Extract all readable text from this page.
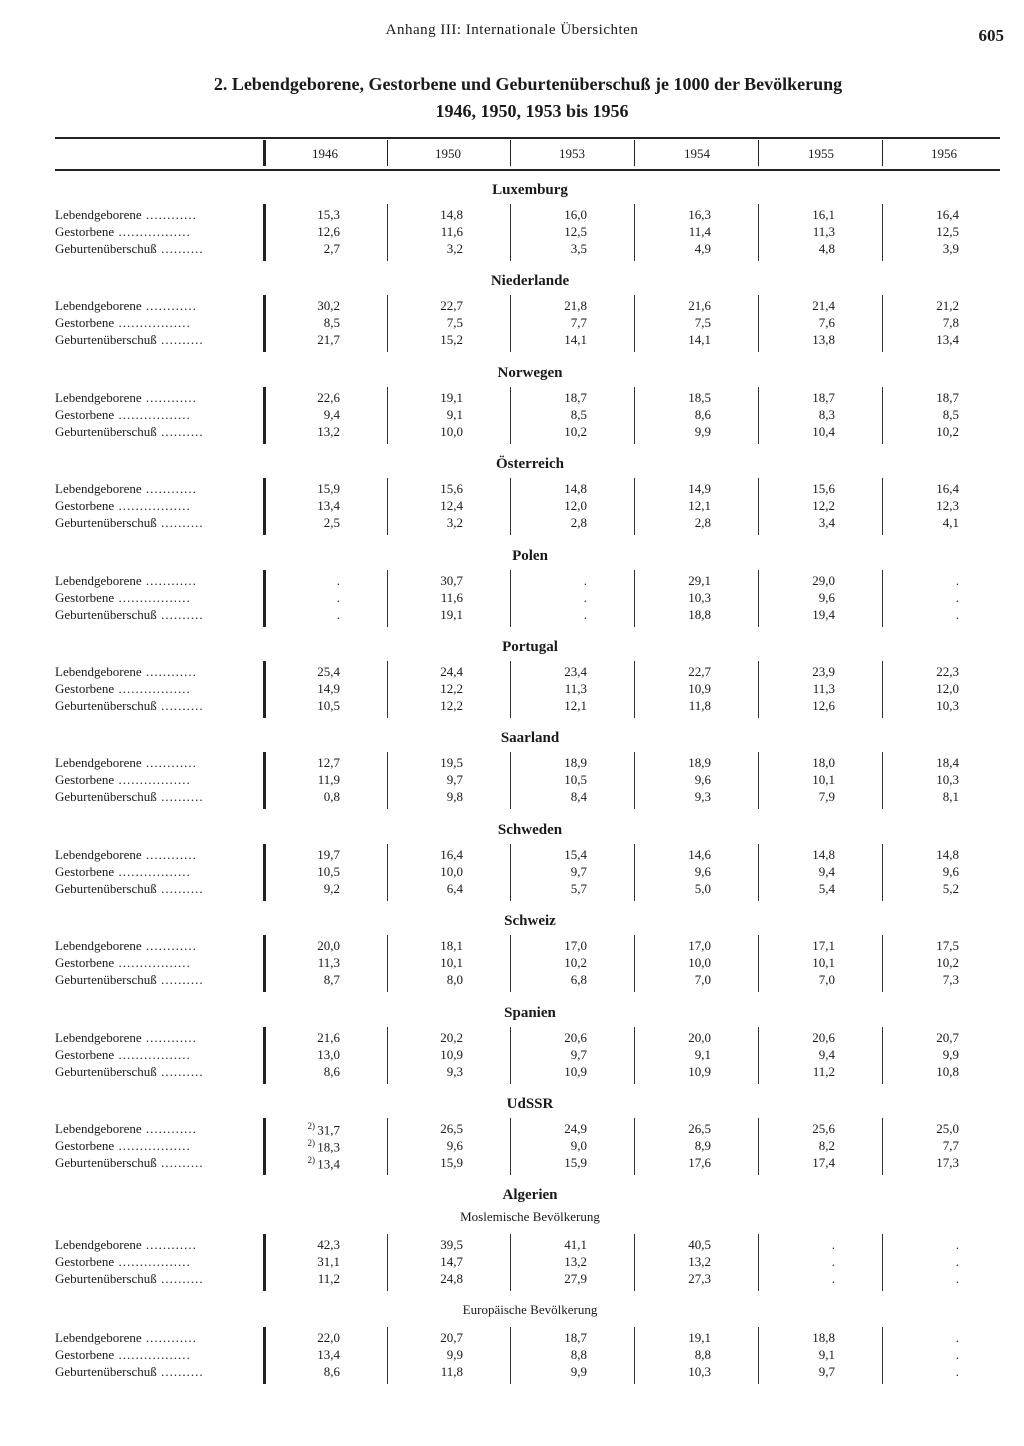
Anhang III: Internationale Übersichten	605
2. Lebendgeborene, Gestorbene und Geburtenüberschuß je 1000 der Bevölkerung
1946, 1950, 1953 bis 1956
1946	1950	1953	1954	1955	1956
Luxemburg
Lebendgeborene ............	15,3	14,8	16,0	16,3	16,1	16,4
Gestorbene .................	12,6	11,6	12,5	11,4	11,3	12,5
Geburtenüberschuß ..........	2,7	3,2	3,5	4,9	4,8	3,9
Niederlande
Lebendgeborene ............	30,2	22,7	21,8	21,6	21,4	21,2
Gestorbene .................	8,5	7,5	7,7	7,5	7,6	7,8
Geburtenüberschuß ..........	21,7	15,2	14,1	14,1	13,8	13,4
Norwegen
Lebendgeborene ............	22,6	19,1	18,7	18,5	18,7	18,7
Gestorbene .................	9,4	9,1	8,5	8,6	8,3	8,5
Geburtenüberschuß ..........	13,2	10,0	10,2	9,9	10,4	10,2
Österreich
Lebendgeborene ............	15,9	15,6	14,8	14,9	15,6	16,4
Gestorbene .................	13,4	12,4	12,0	12,1	12,2	12,3
Geburtenüberschuß ..........	2,5	3,2	2,8	2,8	3,4	4,1
Polen
Lebendgeborene ............	.	30,7	.	29,1	29,0	.
Gestorbene .................	.	11,6	.	10,3	9,6	.
Geburtenüberschuß ..........	.	19,1	.	18,8	19,4	.
Portugal
Lebendgeborene ............	25,4	24,4	23,4	22,7	23,9	22,3
Gestorbene .................	14,9	12,2	11,3	10,9	11,3	12,0
Geburtenüberschuß ..........	10,5	12,2	12,1	11,8	12,6	10,3
Saarland
Lebendgeborene ............	12,7	19,5	18,9	18,9	18,0	18,4
Gestorbene .................	11,9	9,7	10,5	9,6	10,1	10,3
Geburtenüberschuß ..........	0,8	9,8	8,4	9,3	7,9	8,1
Schweden
Lebendgeborene ............	19,7	16,4	15,4	14,6	14,8	14,8
Gestorbene .................	10,5	10,0	9,7	9,6	9,4	9,6
Geburtenüberschuß ..........	9,2	6,4	5,7	5,0	5,4	5,2
Schweiz
Lebendgeborene ............	20,0	18,1	17,0	17,0	17,1	17,5
Gestorbene .................	11,3	10,1	10,2	10,0	10,1	10,2
Geburtenüberschuß ..........	8,7	8,0	6,8	7,0	7,0	7,3
Spanien
Lebendgeborene ............	21,6	20,2	20,6	20,0	20,6	20,7
Gestorbene .................	13,0	10,9	9,7	9,1	9,4	9,9
Geburtenüberschuß ..........	8,6	9,3	10,9	10,9	11,2	10,8
UdSSR
Lebendgeborene ............	$^{2)}$ 31,7	26,5	24,9	26,5	25,6	25,0
Gestorbene .................	$^{2)}$ 18,3	9,6	9,0	8,9	8,2	7,7
Geburtenüberschuß ..........	$^{2)}$ 13,4	15,9	15,9	17,6	17,4	17,3
Algerien
Moslemische Bevölkerung
Lebendgeborene ............	42,3	39,5	41,1	40,5	.	.
Gestorbene .................	31,1	14,7	13,2	13,2	.	.
Geburtenüberschuß ..........	11,2	24,8	27,9	27,3	.	.
Europäische Bevölkerung
Lebendgeborene ............	22,0	20,7	18,7	19,1	18,8	.
Gestorbene .................	13,4	9,9	8,8	8,8	9,1	.
Geburtenüberschuß ..........	8,6	11,8	9,9	10,3	9,7	.
